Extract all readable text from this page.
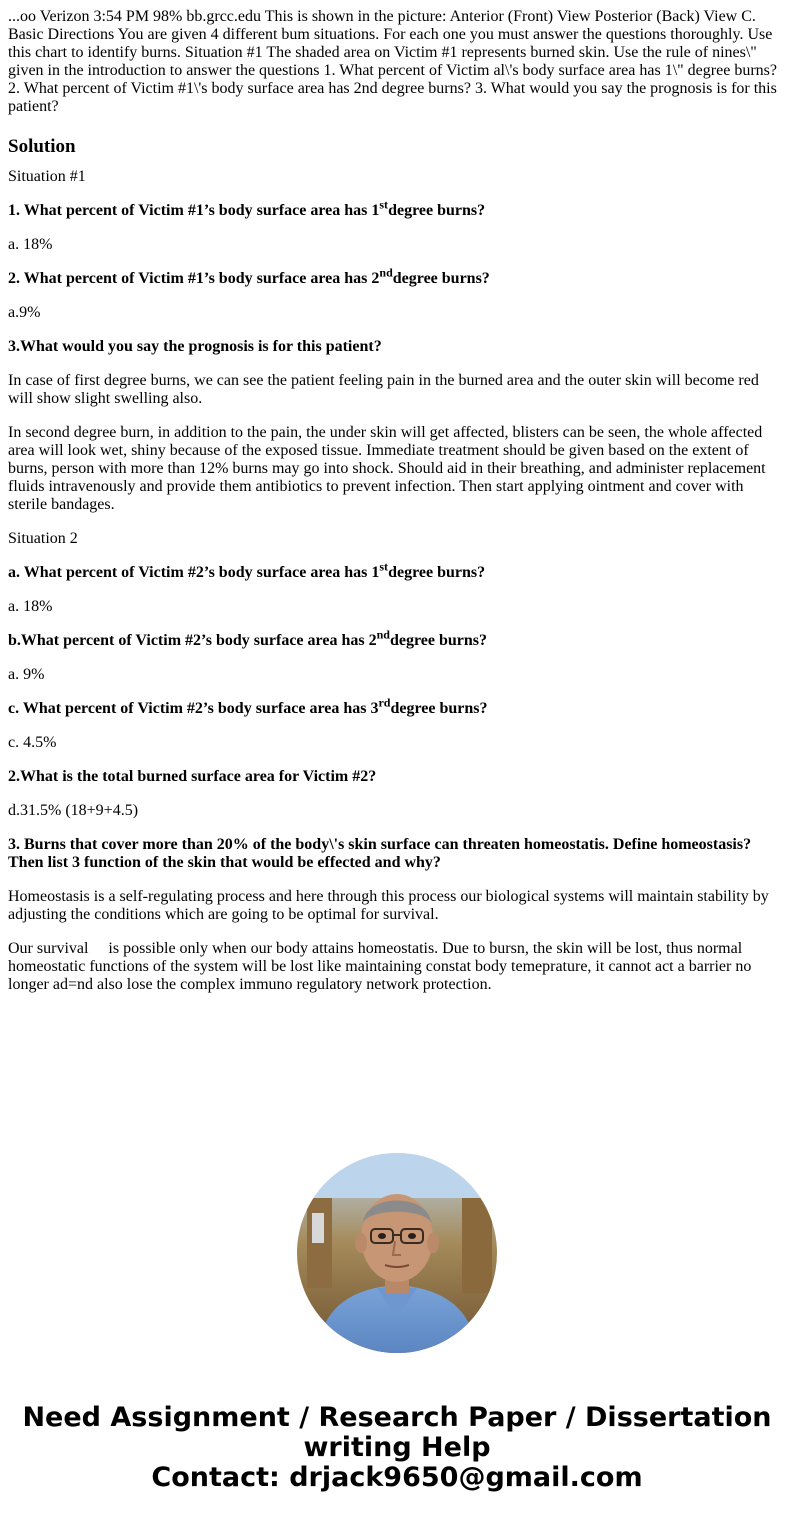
...oo Verizon 3:54 PM 98% bb.grcc.edu This is shown in the picture: Anterior (Front) View Posterior (Back) View C. Basic Directions You are given 4 different bum situations. For each one you must answer the questions thoroughly. Use this chart to identify burns. Situation #1 The shaded area on Victim #1 represents burned skin. Use the rule of nines\" given in the introduction to answer the questions 1. What percent of Victim al\'s body surface area has 1\" degree burns? 2. What percent of Victim #1\'s body surface area has 2nd degree burns? 3. What would you say the prognosis is for this patient?
Solution

Situation #1

1. What percent of Victim #1’s body surface area has 1stdegree burns?

a. 18%

2. What percent of Victim #1’s body surface area has 2nddegree burns?

a.9%

3.What would you say the prognosis is for this patient?

In case of first degree burns, we can see the patient feeling pain in the burned area and the outer skin will become red will show slight swelling also.

In second degree burn, in addition to the pain, the under skin will get affected, blisters can be seen, the whole affected area will look wet, shiny because of the exposed tissue. Immediate treatment should be given based on the extent of burns, person with more than 12% burns may go into shock. Should aid in their breathing, and administer replacement fluids intravenously and provide them antibiotics to prevent infection. Then start applying ointment and cover with sterile bandages.

Situation 2

a. What percent of Victim #2’s body surface area has 1stdegree burns?

a. 18%

b.What percent of Victim #2’s body surface area has 2nddegree burns?

a. 9%

c. What percent of Victim #2’s body surface area has 3rddegree burns?

c. 4.5%

2.What is the total burned surface area for Victim #2?

d.31.5% (18+9+4.5)

3. Burns that cover more than 20% of the body\'s skin surface can threaten homeostatis. Define homeostasis? Then list 3 function of the skin that would be effected and why?

Homeostasis is a self-regulating process and here through this process our biological systems will maintain stability by adjusting the conditions which are going to be optimal for survival.

Our survival     is possible only when our body attains homeostatis. Due to bursn, the skin will be lost, thus normal homeostatic functions of the system will be lost like maintaining constat body temeprature, it cannot act a barrier no longer ad=nd also lose the complex immuno regulatory network protection.

Need Assignment / Research Paper / Dissertation
writing Help
Contact: drjack9650@gmail.com
